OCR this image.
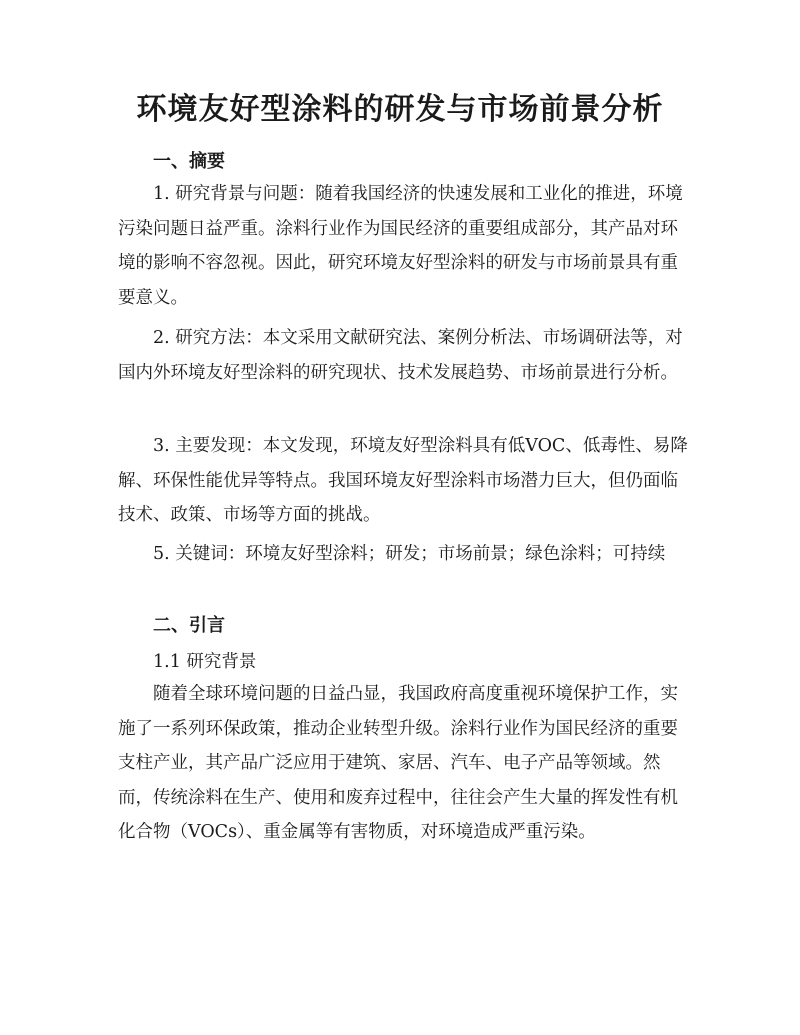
环境友好型涂料的研发与市场前景分析
一、摘要

1. 研究背景与问题：随着我国经济的快速发展和工业化的推进，环境污染问题日益严重。涂料行业作为国民经济的重要组成部分，其产品对环境的影响不容忽视。因此，研究环境友好型涂料的研发与市场前景具有重要意义。

2. 研究方法：本文采用文献研究法、案例分析法、市场调研法等，对国内外环境友好型涂料的研究现状、技术发展趋势、市场前景进行分析。

3. 主要发现：本文发现，环境友好型涂料具有低VOC、低毒性、易降解、环保性能优异等特点。我国环境友好型涂料市场潜力巨大，但仍面临技术、政策、市场等方面的挑战。

5. 关键词：环境友好型涂料；研发；市场前景；绿色涂料；可持续

二、引言

1.1 研究背景

随着全球环境问题的日益凸显，我国政府高度重视环境保护工作，实施了一系列环保政策，推动企业转型升级。涂料行业作为国民经济的重要支柱产业，其产品广泛应用于建筑、家居、汽车、电子产品等领域。然而，传统涂料在生产、使用和废弃过程中，往往会产生大量的挥发性有机化合物（VOCs）、重金属等有害物质，对环境造成严重污染。
